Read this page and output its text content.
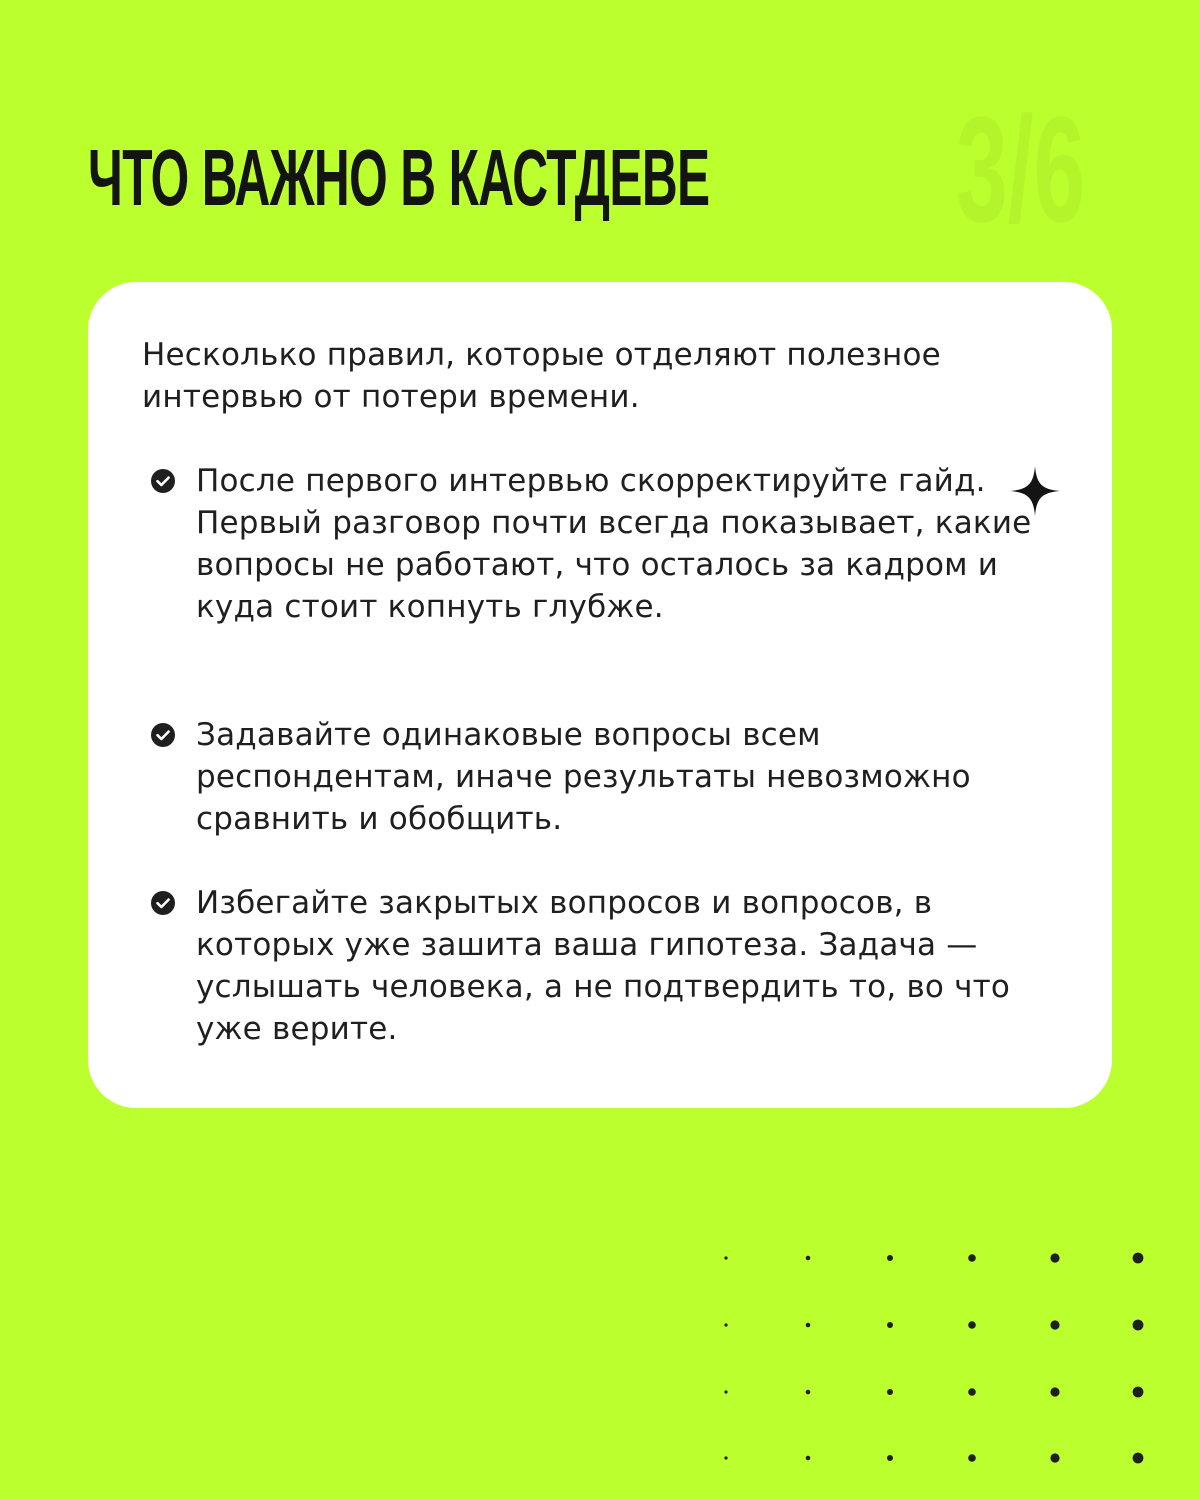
3/6
ЧТО ВАЖНО В КАСТДЕВЕ

Несколько правил, которые отделяют полезное интервью от потери времени.

После первого интервью скорректируйте гайд. Первый разговор почти всегда показывает, какие вопросы не работают, что осталось за кадром и куда стоит копнуть глубже.

Задавайте одинаковые вопросы всем респондентам, иначе результаты невозможно сравнить и обобщить.

Избегайте закрытых вопросов и вопросов, в которых уже зашита ваша гипотеза. Задача — услышать человека, а не подтвердить то, во что уже верите.
